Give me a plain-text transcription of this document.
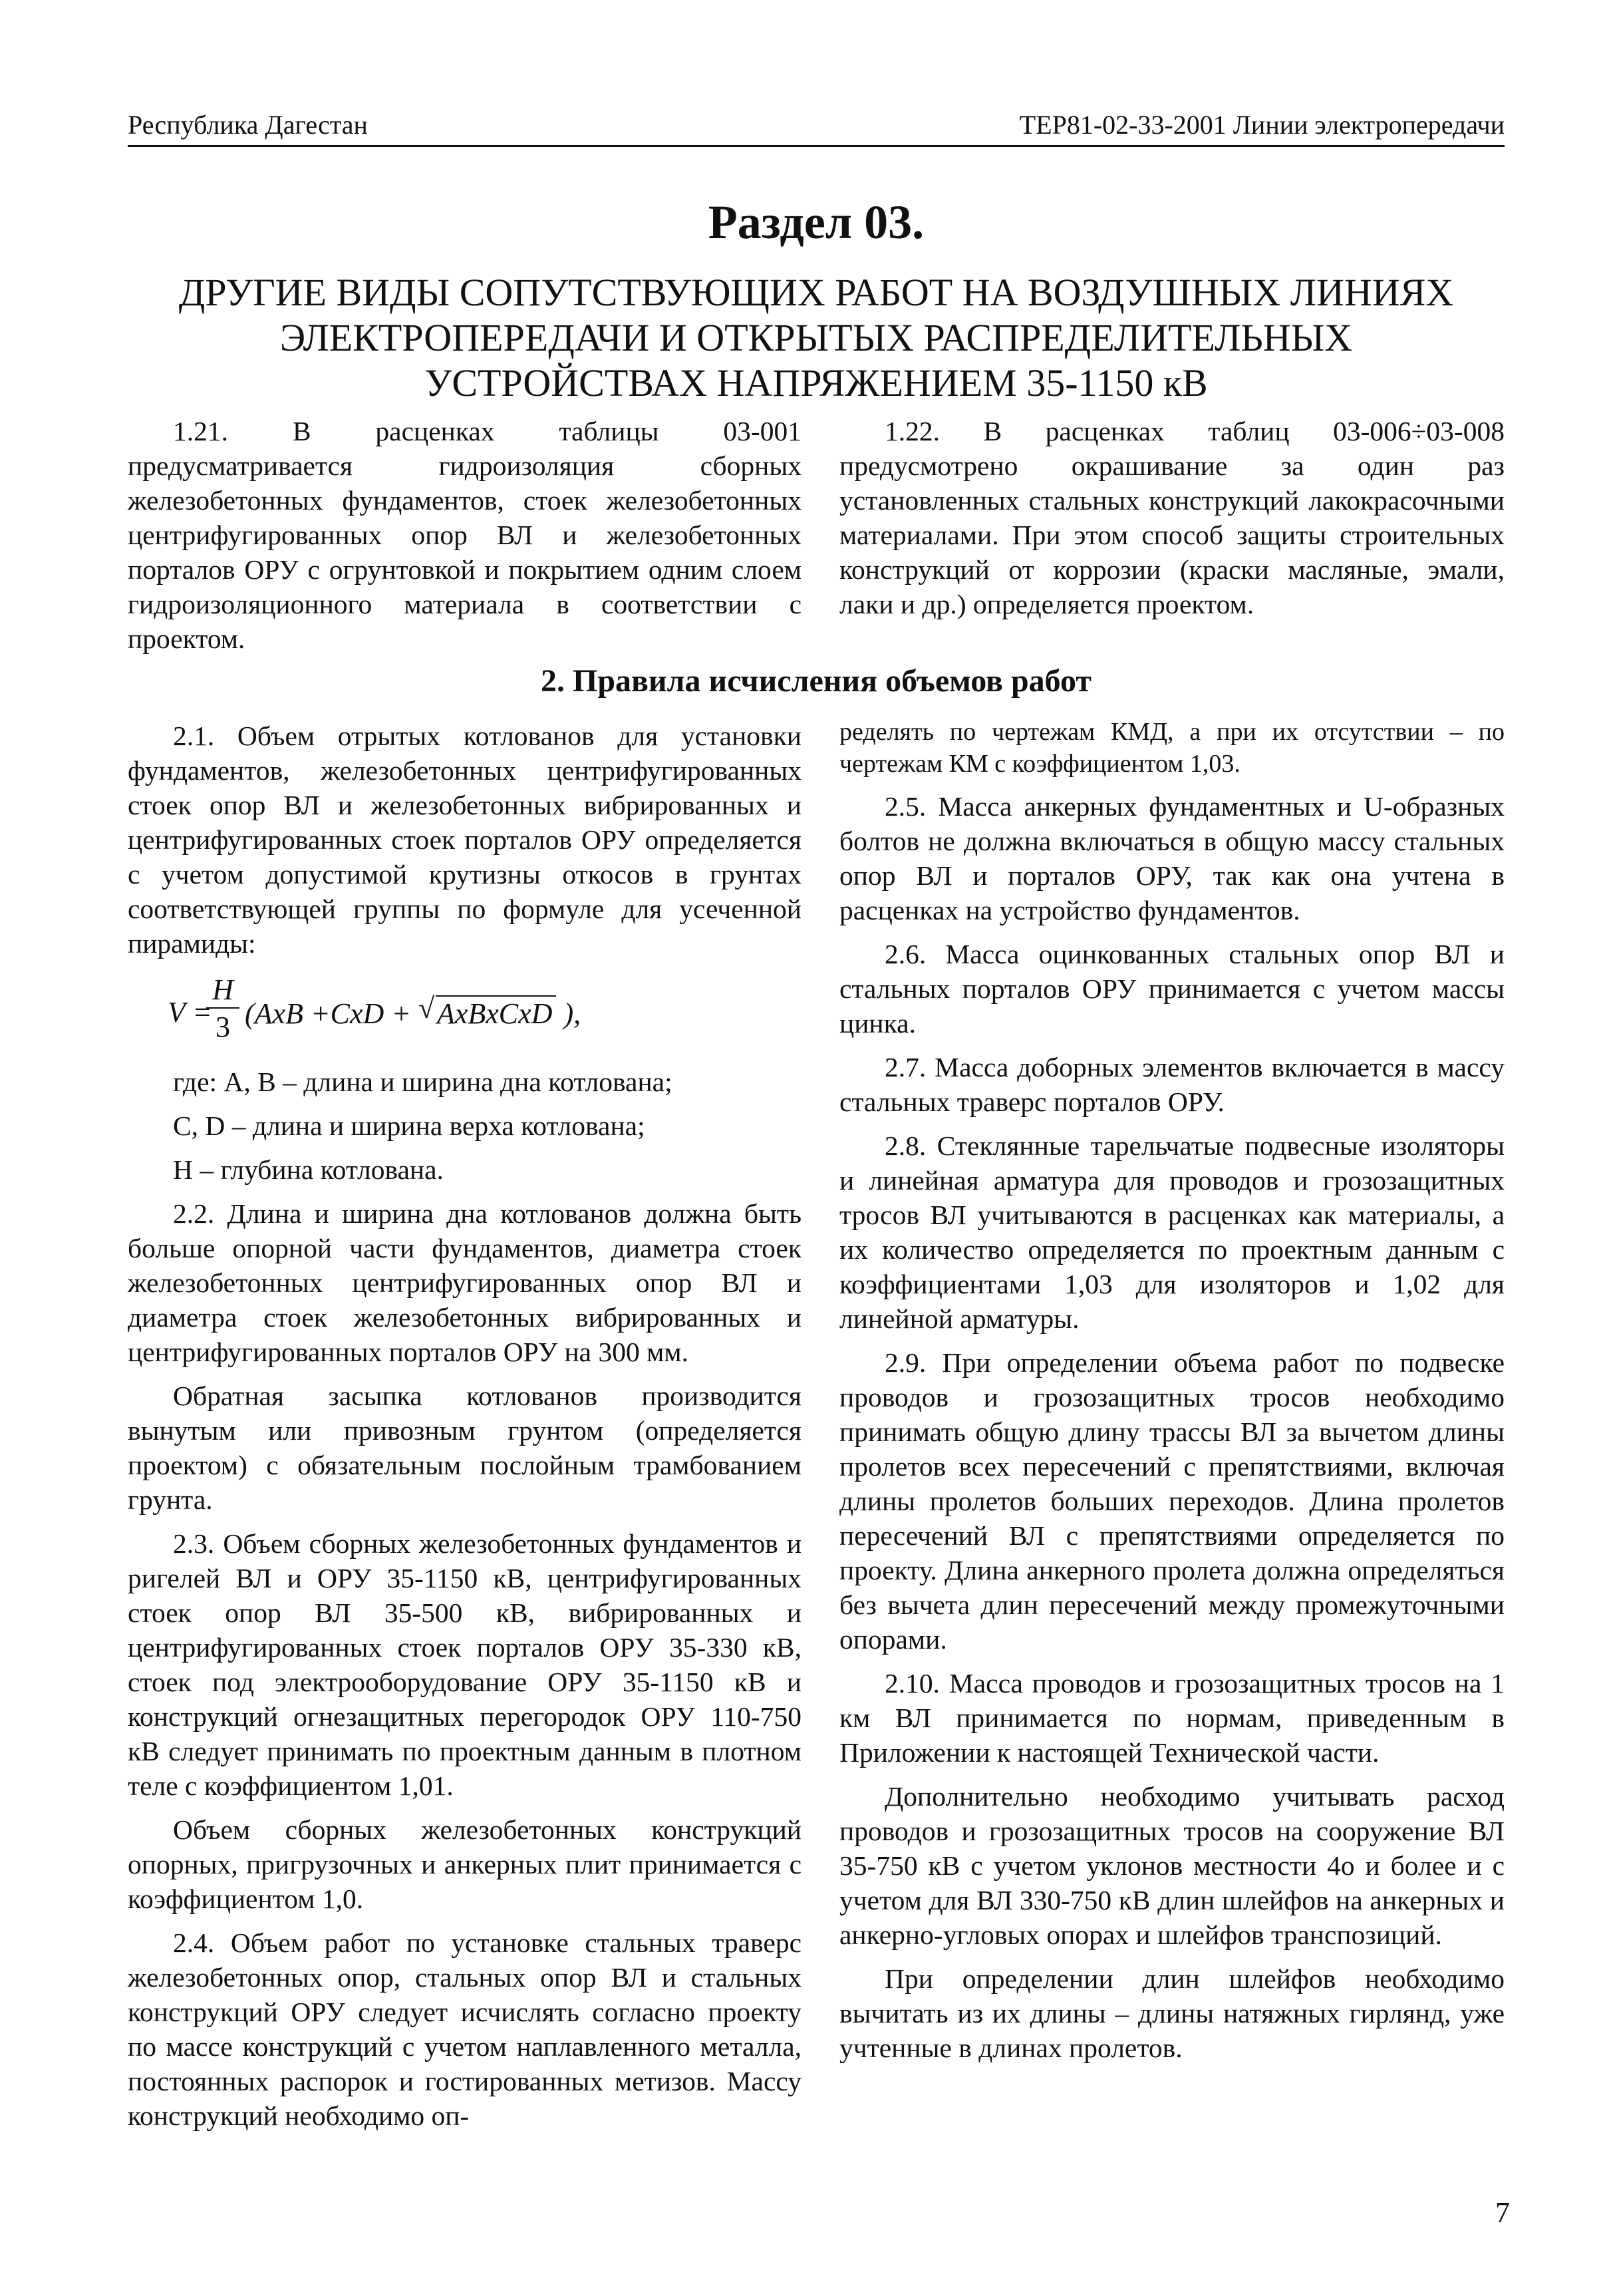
Республика Дагестан	ТЕР81-02-33-2001 Линии электропередачи
Раздел 03.
ДРУГИЕ ВИДЫ СОПУТСТВУЮЩИХ РАБОТ НА ВОЗДУШНЫХ ЛИНИЯХ ЭЛЕКТРОПЕРЕДАЧИ И ОТКРЫТЫХ РАСПРЕДЕЛИТЕЛЬНЫХ УСТРОЙСТВАХ НАПРЯЖЕНИЕМ 35-1150 кВ

1.21. В расценках таблицы 03-001 предусматривается гидроизоляция сборных железобетонных фундаментов, стоек железобетонных центрифугированных опор ВЛ и железобетонных порталов ОРУ с огрунтовкой и покрытием одним слоем гидроизоляционного материала в соответствии с проектом.

1.22. В расценках таблиц 03-006÷03-008 предусмотрено окрашивание за один раз установленных стальных конструкций лакокрасочными материалами. При этом способ защиты строительных конструкций от коррозии (краски масляные, эмали, лаки и др.) определяется проектом.

2. Правила исчисления объемов работ

2.1. Объем отрытых котлованов для установки фундаментов, железобетонных центрифугированных стоек опор ВЛ и железобетонных вибрированных и центрифугированных стоек порталов ОРУ определяется с учетом допустимой крутизны откосов в грунтах соответствующей группы по формуле для усеченной пирамиды:

V =
$\frac{H}{3} (AxB +CxD$ + √ AxBxCxD ),

где: А, В – длина и ширина дна котлована;

С, D – длина и ширина верха котлована;

Н – глубина котлована.

2.2. Длина и ширина дна котлованов должна быть больше опорной части фундаментов, диаметра стоек железобетонных центрифугированных опор ВЛ и диаметра стоек железобетонных вибрированных и центрифугированных порталов ОРУ на 300 мм.

Обратная засыпка котлованов производится вынутым или привозным грунтом (определяется проектом) с обязательным послойным трамбованием грунта.

2.3. Объем сборных железобетонных фундаментов и ригелей ВЛ и ОРУ 35-1150 кВ, центрифугированных стоек опор ВЛ 35-500 кВ, вибрированных и центрифугированных стоек порталов ОРУ 35-330 кВ, стоек под электрооборудование ОРУ 35-1150 кВ и конструкций огнезащитных перегородок ОРУ 110-750 кВ следует принимать по проектным данным в плотном теле с коэффициентом 1,01.

Объем сборных железобетонных конструкций опорных, пригрузочных и анкерных плит принимается с коэффициентом 1,0.

2.4. Объем работ по установке стальных траверс железобетонных опор, стальных опор ВЛ и стальных конструкций ОРУ следует исчислять согласно проекту по массе конструкций с учетом наплавленного металла, постоянных распорок и гостированных метизов. Массу конструкций необходимо оп-

ределять по чертежам КМД, а при их отсутствии – по чертежам КМ с коэффициентом 1,03.

2.5. Масса анкерных фундаментных и U-образных болтов не должна включаться в общую массу стальных опор ВЛ и порталов ОРУ, так как она учтена в расценках на устройство фундаментов.

2.6. Масса оцинкованных стальных опор ВЛ и стальных порталов ОРУ принимается с учетом массы цинка.

2.7. Масса доборных элементов включается в массу стальных траверс порталов ОРУ.

2.8. Стеклянные тарельчатые подвесные изоляторы и линейная арматура для проводов и грозозащитных тросов ВЛ учитываются в расценках как материалы, а их количество определяется по проектным данным с коэффициентами 1,03 для изоляторов и 1,02 для линейной арматуры.

2.9. При определении объема работ по подвеске проводов и грозозащитных тросов необходимо принимать общую длину трассы ВЛ за вычетом длины пролетов всех пересечений с препятствиями, включая длины пролетов больших переходов. Длина пролетов пересечений ВЛ с препятствиями определяется по проекту. Длина анкерного пролета должна определяться без вычета длин пересечений между промежуточными опорами.

2.10. Масса проводов и грозозащитных тросов на 1 км ВЛ принимается по нормам, приведенным в Приложении к настоящей Технической части.

Дополнительно необходимо учитывать расход проводов и грозозащитных тросов на сооружение ВЛ 35-750 кВ с учетом уклонов местности 4о и более и с учетом для ВЛ 330-750 кВ длин шлейфов на анкерных и анкерно-угловых опорах и шлейфов транспозиций.

При определении длин шлейфов необходимо вычитать из их длины – длины натяжных гирлянд, уже учтенные в длинах пролетов.

7
